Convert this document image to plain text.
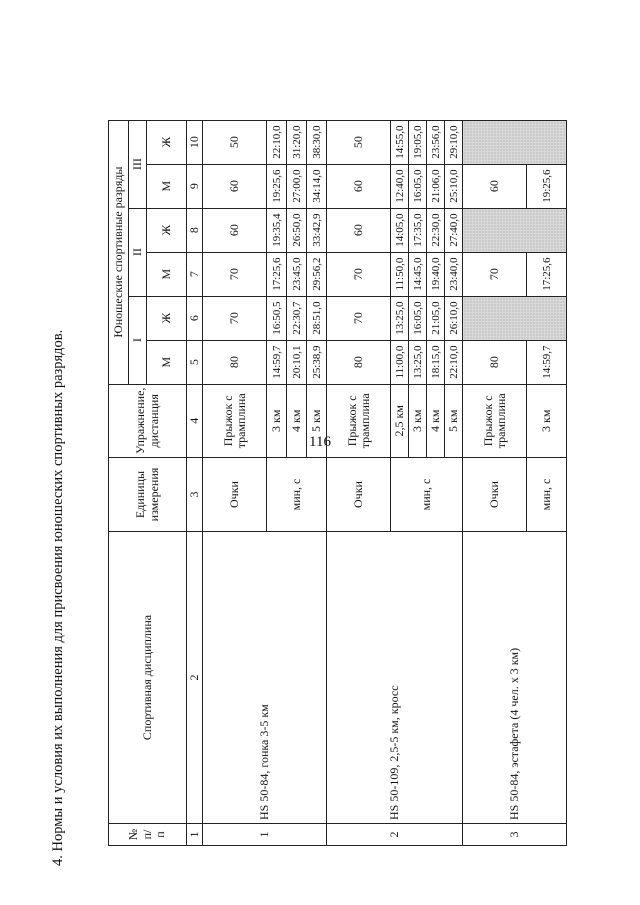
116
4. Нормы и условия их выполнения для присвоения юношеских спортивных разрядов.	№
п/п	Спортивная дисциплина	Единицы измерения	Упражнение, дистанция	Юношеские спортивные разряды					
				I		II		III	
				М	Ж	М	Ж	М	Ж
1	2	3	4	5	6	7	8	9	10
1	HS 50-84, гонка 3-5 км	Очки	Прыжок с трамплина	80	70	70	60	60	50
		мин, с	3 км	14:59,7	16:50,5	17:25,6	19:35,4	19:25,6	22:10,0
			4 км	20:10,1	22:30,7	23:45,0	26:50,0	27:00,0	31:20,0
			5 км	25:38,9	28:51,0	29:56,2	33:42,9	34:14,0	38:30,0
2	HS 50-109, 2,5-5 км, кросс	Очки	Прыжок с трамплина	80	70	70	60	60	50
		мин, с	2,5 км	11:00,0	13:25,0	11:50,0	14:05,0	12:40,0	14:55,0
			3 км	13:25,0	16:05,0	14:45,0	17:35,0	16:05,0	19:05,0
			4 км	18:15,0	21:05,0	19:40,0	22:30,0	21:06,0	23:56,0
			5 км	22:10,0	26:10,0	23:40,0	27:40,0	25:10,0	29:10,0
3	HS 50-84, эстафета (4 чел. х 3 км)	Очки	Прыжок с трамплина	80		70		60	
		мин, с	3 км	14:59,7		17:25,6		19:25,6	
